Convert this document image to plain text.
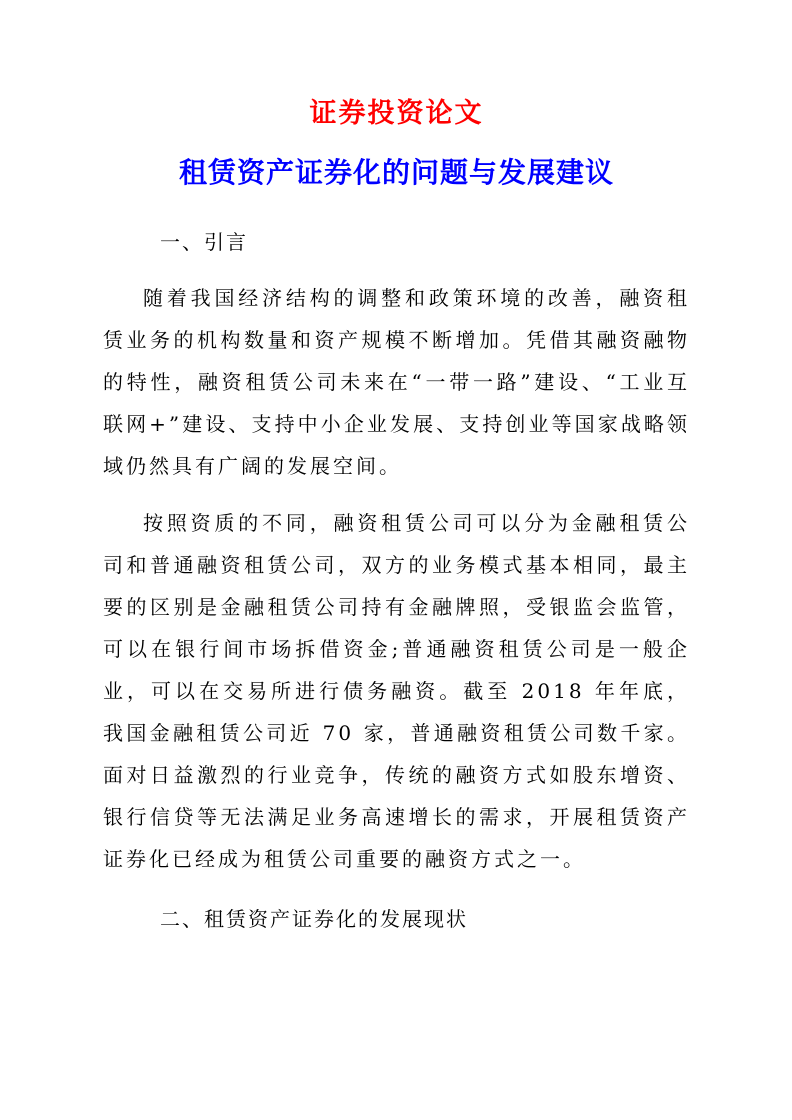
证券投资论文
租赁资产证券化的问题与发展建议
一、引言

随着我国经济结构的调整和政策环境的改善，融资租赁业务的机构数量和资产规模不断增加。凭借其融资融物的特性，融资租赁公司未来在“一带一路”建设、“工业互联网+”建设、支持中小企业发展、支持创业等国家战略领域仍然具有广阔的发展空间。

按照资质的不同，融资租赁公司可以分为金融租赁公司和普通融资租赁公司，双方的业务模式基本相同，最主要的区别是金融租赁公司持有金融牌照，受银监会监管，可以在银行间市场拆借资金;普通融资租赁公司是一般企业，可以在交易所进行债务融资。截至 2018 年年底，我国金融租赁公司近 70 家，普通融资租赁公司数千家。面对日益激烈的行业竞争，传统的融资方式如股东增资、银行信贷等无法满足业务高速增长的需求，开展租赁资产证券化已经成为租赁公司重要的融资方式之一。

二、租赁资产证券化的发展现状
